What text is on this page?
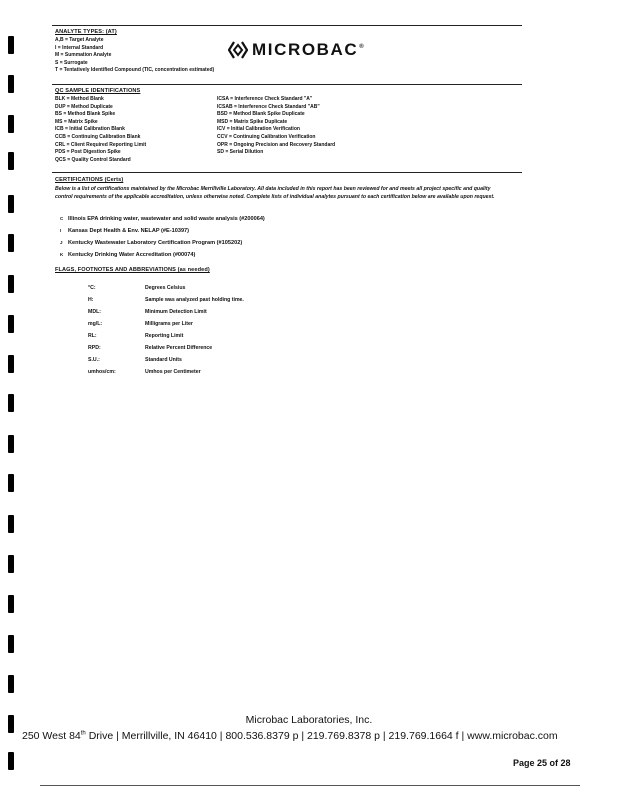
ANALYTE TYPES: (AT)
A,B = Target Analyte
I = Internal Standard
M = Summation Analyte
S = Surrogate
T = Tentatively Identified Compound (TIC, concentration estimated)
MICROBAC®
QC SAMPLE IDENTIFICATIONS
BLK = Method Blank
DUP = Method Duplicate
BS = Method Blank Spike
MS = Matrix Spike
ICB = Initial Calibration Blank
CCB = Continuing Calibration Blank
CRL = Client Required Reporting Limit
PDS = Post Digestion Spike
QCS = Quality Control Standard
ICSA = Interference Check Standard "A"
ICSAB = Interference Check Standard "AB"
BSD = Method Blank Spike Duplicate
MSD = Matrix Spike Duplicate
ICV = Initial Calibration Verification
CCV = Continuing Calibration Verification
OPR = Ongoing Precision and Recovery Standard
SD = Serial Dilution
CERTIFICATIONS (Certs)
Below is a list of certifications maintained by the Microbac Merrillville Laboratory. All data included in this report has been reviewed for and meets all project specific and quality control requirements of the applicable accreditation, unless otherwise noted. Complete lists of individual analytes pursuant to each certification below are available upon request.
C Illinois EPA drinking water, wastewater and solid waste analysis (#200064)
I	Kansas Dept Health & Env. NELAP (#E-10397)
J Kentucky Wastewater Laboratory Certification Program (#105202)
K Kentucky Drinking Water Accreditation (#00074)
FLAGS, FOOTNOTES AND ABBREVIATIONS (as needed)
°C:	Degrees Celsius
H:	Sample was analyzed past holding time.
MDL:	Minimum Detection Limit
mg/L:	Milligrams per Liter
RL:	Reporting Limit
RPD:	Relative Percent Difference
S.U.:	Standard Units
umhos/cm:	Umhos per Centimeter
Microbac Laboratories, Inc.
250 West 84th Drive | Merrillville, IN 46410 | 800.536.8379 p | 219.769.8378 p | 219.769.1664 f | www.microbac.com
Page 25 of 28
